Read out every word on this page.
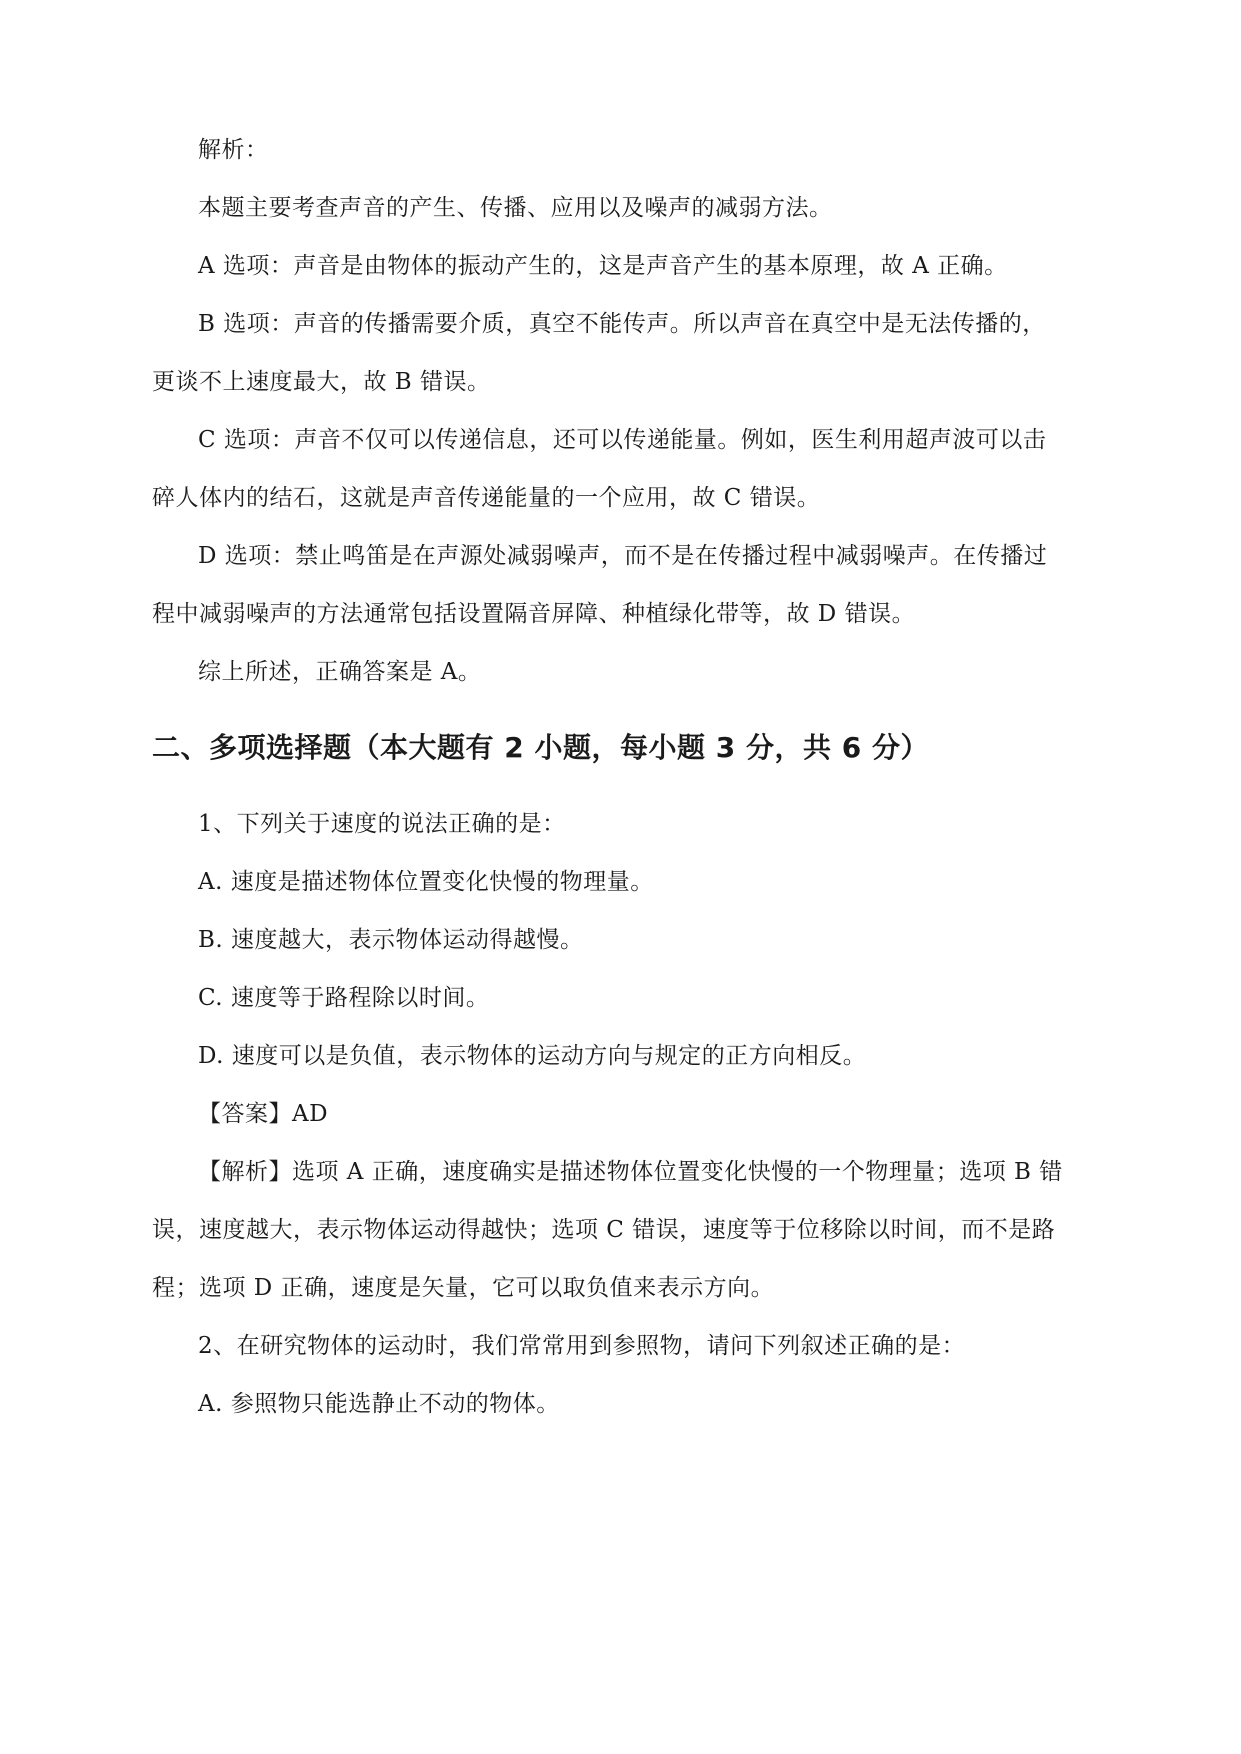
解析：
本题主要考查声音的产生、传播、应用以及噪声的减弱方法。
A 选项：声音是由物体的振动产生的，这是声音产生的基本原理，故 A 正确。
B 选项：声音的传播需要介质，真空不能传声。所以声音在真空中是无法传播的，
更谈不上速度最大，故 B 错误。
C 选项：声音不仅可以传递信息，还可以传递能量。例如，医生利用超声波可以击
碎人体内的结石，这就是声音传递能量的一个应用，故 C 错误。
D 选项：禁止鸣笛是在声源处减弱噪声，而不是在传播过程中减弱噪声。在传播过
程中减弱噪声的方法通常包括设置隔音屏障、种植绿化带等，故 D 错误。
综上所述，正确答案是 A。
二、多项选择题（本大题有 2 小题，每小题 3 分，共 6 分）
1、下列关于速度的说法正确的是：
A. 速度是描述物体位置变化快慢的物理量。
B. 速度越大，表示物体运动得越慢。
C. 速度等于路程除以时间。
D. 速度可以是负值，表示物体的运动方向与规定的正方向相反。
【答案】AD
【解析】选项 A 正确，速度确实是描述物体位置变化快慢的一个物理量；选项 B 错
误，速度越大，表示物体运动得越快；选项 C 错误，速度等于位移除以时间，而不是路
程；选项 D 正确，速度是矢量，它可以取负值来表示方向。
2、在研究物体的运动时，我们常常用到参照物，请问下列叙述正确的是：
A. 参照物只能选静止不动的物体。
